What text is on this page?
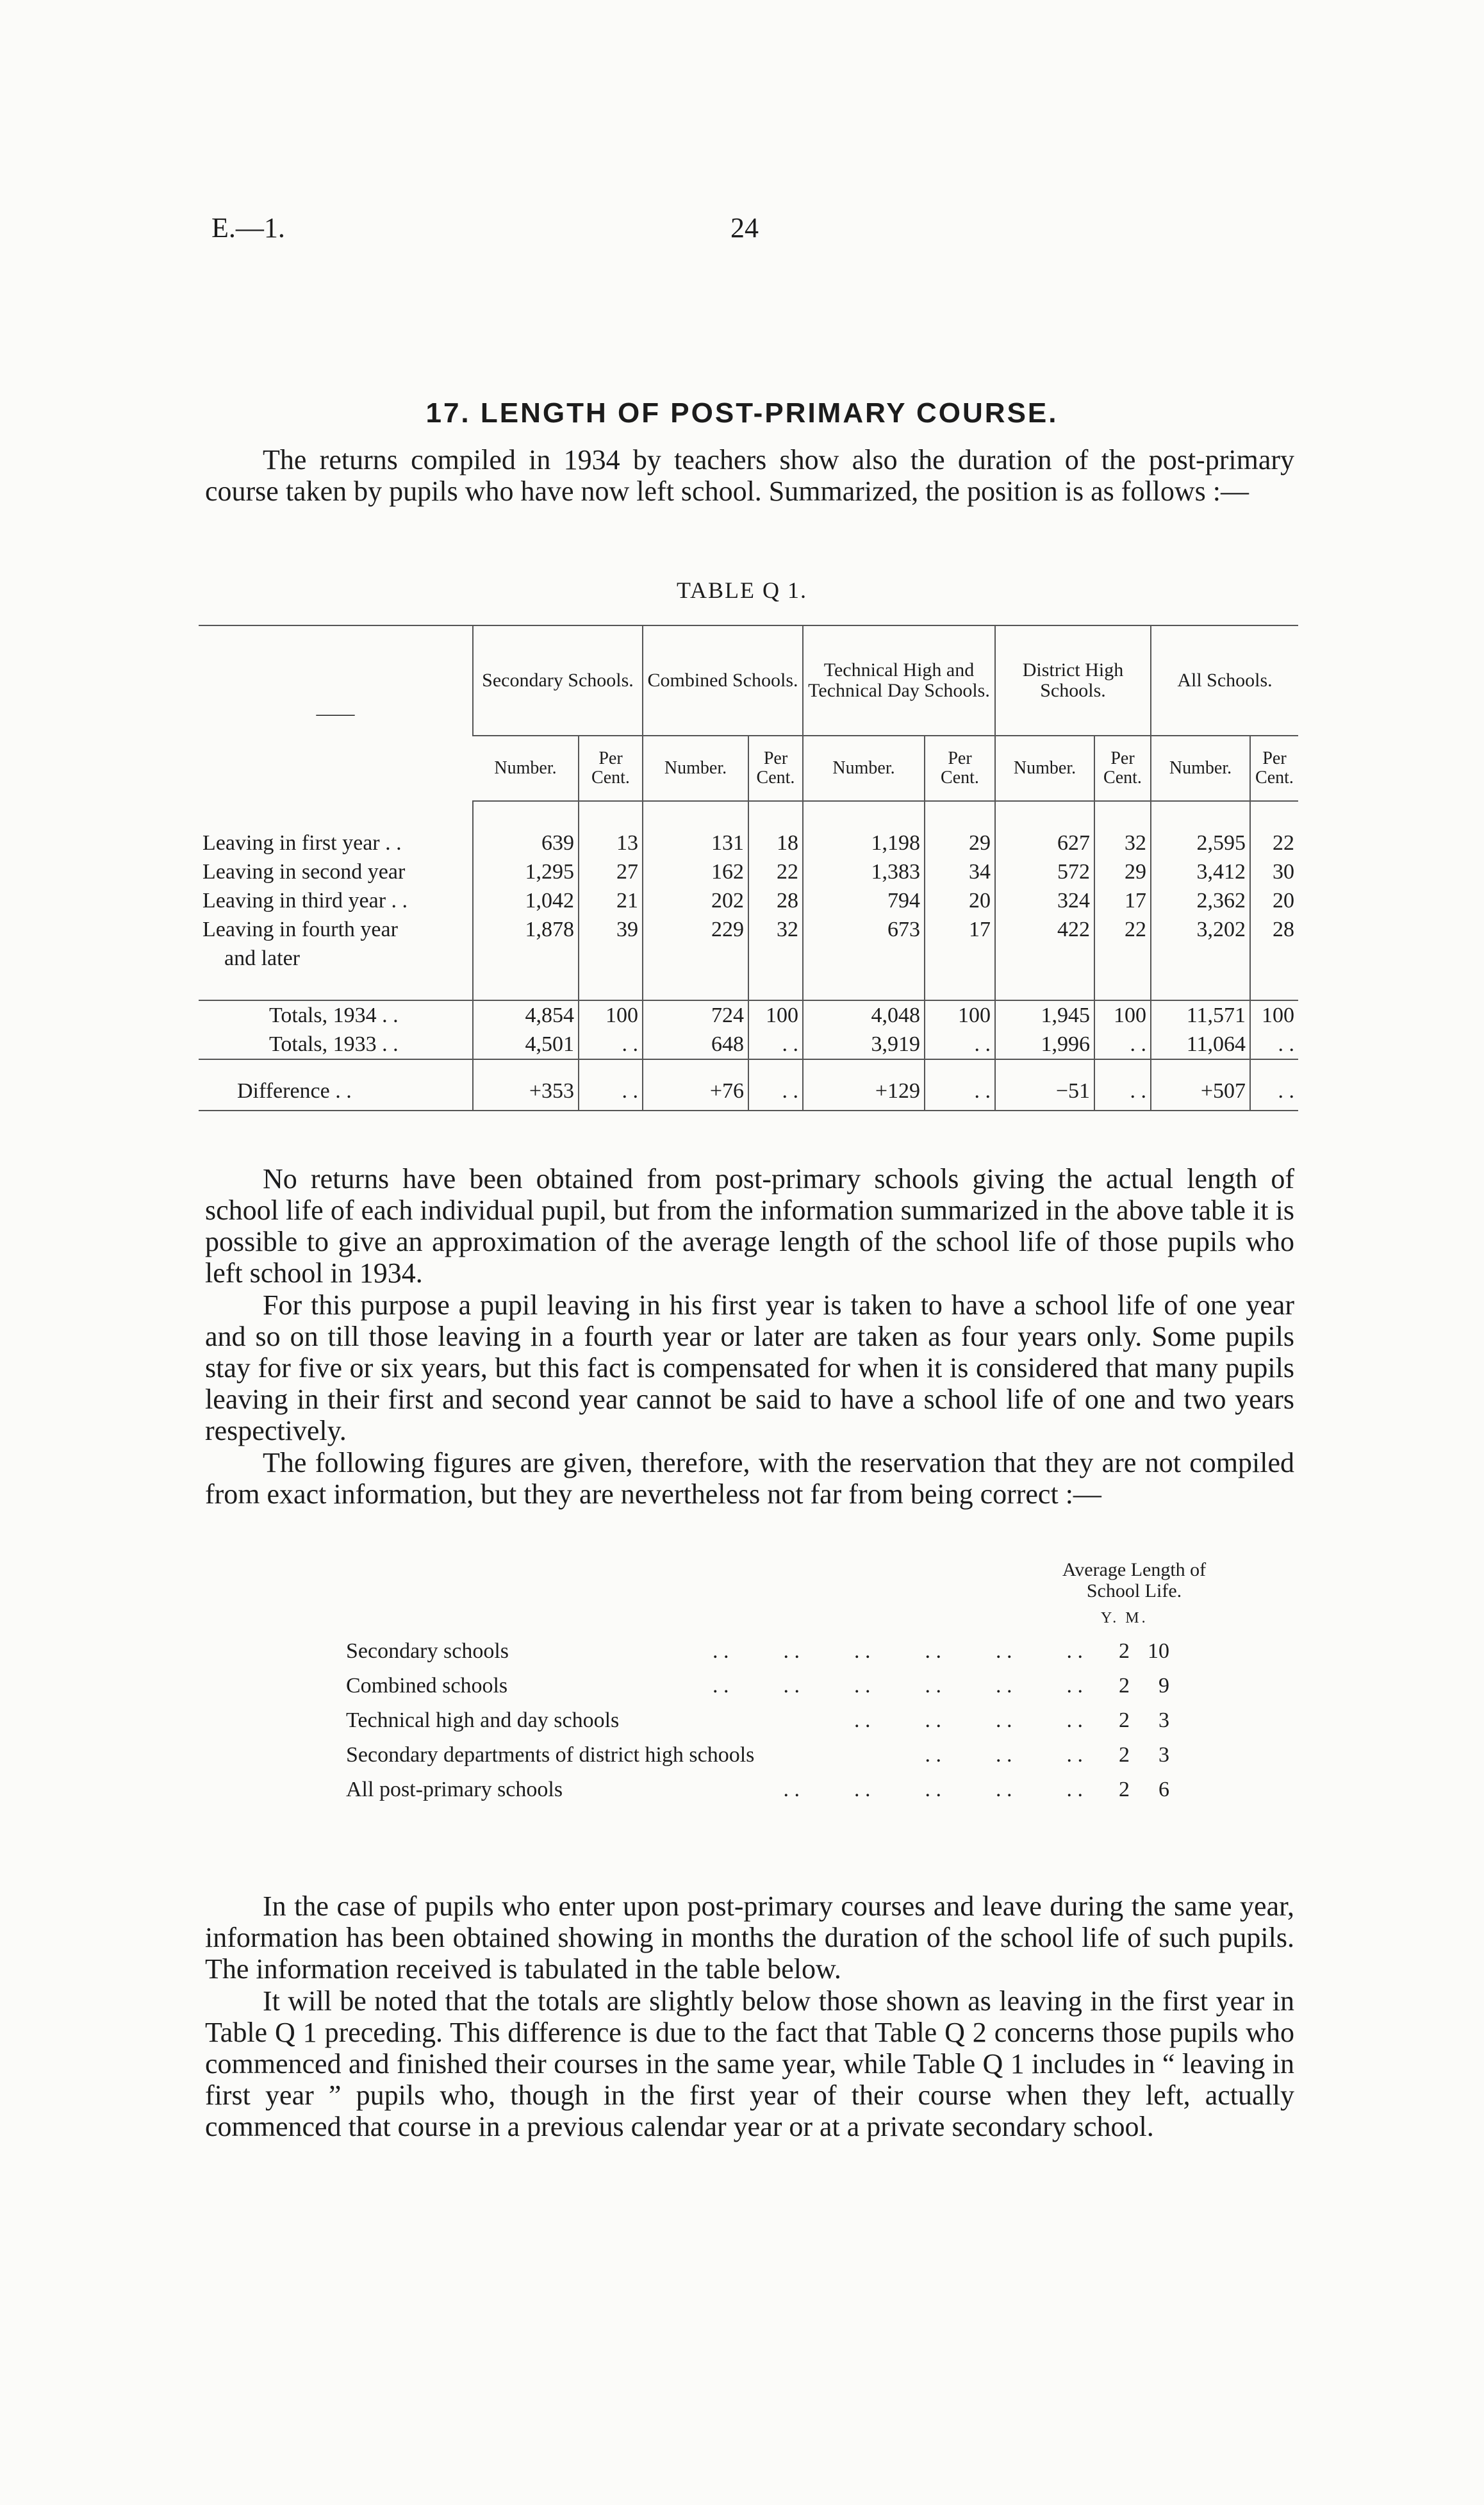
E.—1.	24
17. LENGTH OF POST-PRIMARY COURSE.

The returns compiled in 1934 by teachers show also the duration of the post-primary course taken by pupils who have now left school. Summarized, the position is as follows :—

TABLE Q 1.

——	Secondary Schools.		Combined Schools.		Technical High and Technical Day Schools.		District High Schools.		All Schools.	
	Number.	Per Cent.	Number.	Per Cent.	Number.	Per Cent.	Number.	Per Cent.	Number.	Per Cent.

Leaving in first year . .	639	13	131	18	1,198	29	627	32	2,595	22
Leaving in second year	1,295	27	162	22	1,383	34	572	29	3,412	30
Leaving in third year . .	1,042	21	202	28	794	20	324	17	2,362	20
Leaving in fourth year	1,878	39	229	32	673	17	422	22	3,202	28
and later										

Totals, 1934 . .	4,854	100	724	100	4,048	100	1,945	100	11,571	100
Totals, 1933 . .	4,501	. .	648	. .	3,919	. .	1,996	. .	11,064	. .

Difference . .	+353	. .	+76	. .	+129	. .	−51	. .	+507	. .

No returns have been obtained from post-primary schools giving the actual length of school life of each individual pupil, but from the information summarized in the above table it is possible to give an approximation of the average length of the school life of those pupils who left school in 1934.

For this purpose a pupil leaving in his first year is taken to have a school life of one year and so on till those leaving in a fourth year or later are taken as four years only. Some pupils stay for five or six years, but this fact is compensated for when it is considered that many pupils leaving in their first and second year cannot be said to have a school life of one and two years respectively.

The following figures are given, therefore, with the reservation that they are not compiled from exact information, but they are nevertheless not far from being correct :—

Average Length of School Life.
Y. M.
Secondary schools	. .          . .          . .          . .          . .          . .	2 10
Combined schools	. .          . .          . .          . .          . .          . .	2	9
Technical high and day schools	. .          . .          . .          . .	2	3
Secondary departments of district high schools	. .          . .          . .	2	3
All post-primary schools	. .          . .          . .          . .          . .	2	6

In the case of pupils who enter upon post-primary courses and leave during the same year, information has been obtained showing in months the duration of the school life of such pupils. The information received is tabulated in the table below.

It will be noted that the totals are slightly below those shown as leaving in the first year in Table Q 1 preceding. This difference is due to the fact that Table Q 2 concerns those pupils who commenced and finished their courses in the same year, while Table Q 1 includes in “ leaving in first year ” pupils who, though in the first year of their course when they left, actually commenced that course in a previous calendar year or at a private secondary school.
